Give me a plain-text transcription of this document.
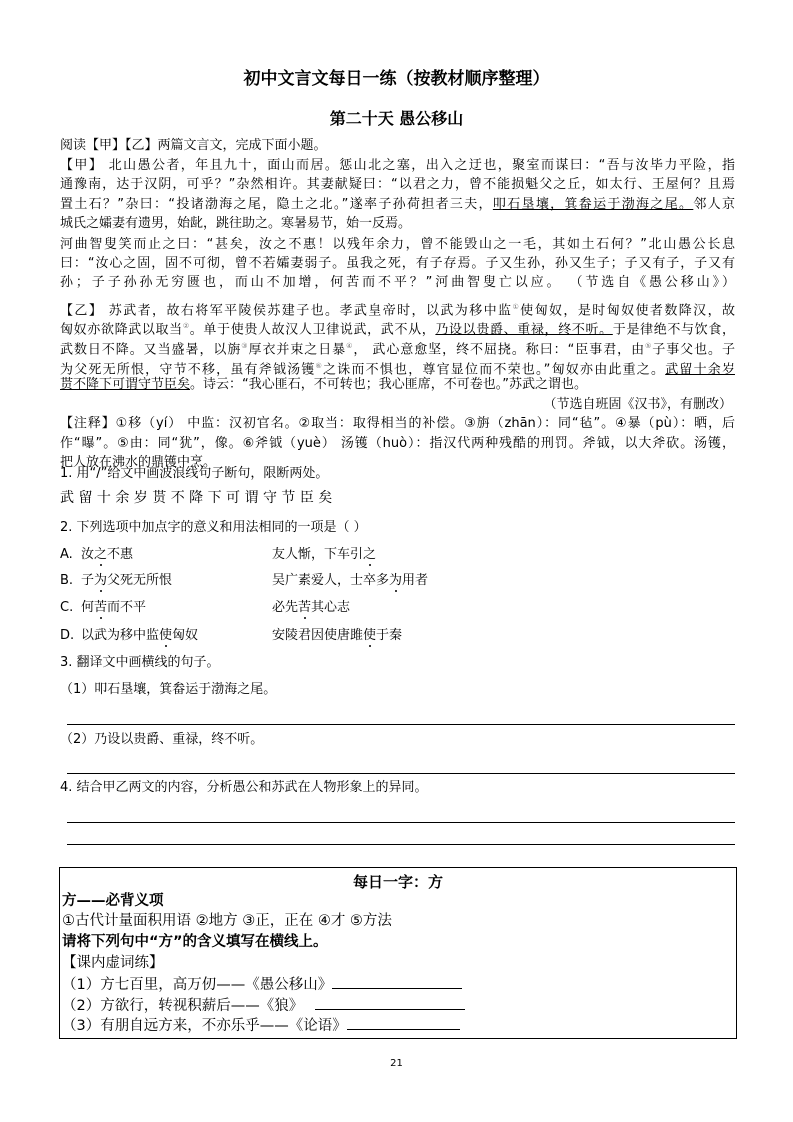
初中文言文每日一练（按教材顺序整理）
第二十天 愚公移山
阅读【甲】【乙】两篇文言文，完成下面小题。
【甲】 北山愚公者，年且九十，面山而居。惩山北之塞，出入之迂也，聚室而谋曰：“吾与汝毕力平险，指
通豫南，达于汉阴，可乎？”杂然相许。其妻献疑曰：“以君之力，曾不能损魁父之丘，如太行、王屋何？且焉
置土石？”杂曰：“投诸渤海之尾，隐土之北。”遂率子孙荷担者三夫，叩石垦壤，箕畚运于渤海之尾。邻人京
城氏之孀妻有遗男，始龀，跳往助之。寒暑易节，始一反焉。
河曲智叟笑而止之曰：“甚矣，汝之不惠！以残年余力，曾不能毁山之一毛，其如土石何？”北山愚公长息
曰：“汝心之固，固不可彻，曾不若孀妻弱子。虽我之死，有子存焉。子又生孙，孙又生子；子又有子，子又有
孙；子子孙孙无穷匮也，而山不加增，何苦而不平？”河曲智叟亡以应。 （节选自《愚公移山》）
【乙】 苏武者，故右将军平陵侯苏建子也。孝武皇帝时，以武为移中监①使匈奴，是时匈奴使者数降汉，故
匈奴亦欲降武以取当②。单于使贵人故汉人卫律说武，武不从，乃设以贵爵、重禄，终不听。于是律绝不与饮食，
武数日不降。又当盛暑，以旃③厚衣并束之日暴④， 武心意愈坚，终不屈挠。称曰：“臣事君，由⑤子事父也。子
为父死无所恨，守节不移，虽有斧钺汤镬⑥之诛而不惧也，尊官显位而不荣也。”匈奴亦由此重之。武留十余岁
贳不降下可谓守节臣矣。诗云：“我心匪石，不可转也；我心匪席，不可卷也。”苏武之谓也。
（节选自班固《汉书》，有删改）
【注释】①移（yí） 中监：汉初官名。②取当：取得相当的补偿。③旃（zhān）：同“毡”。④暴（pù）：晒，后
作“曝”。⑤由：同“犹”，像。⑥斧钺（yuè） 汤镬（huò）：指汉代两种残酷的刑罚。斧钺，以大斧砍。汤镬，
把人放在沸水的鼎镬中烹。
1. 用“/”给文中画波浪线句子断句，限断两处。
武 留 十 余 岁 贳 不 降 下 可 谓 守 节 臣 矣
2. 下列选项中加点字的意义和用法相同的一项是（ ）
A. 汝之不惠	友人惭，下车引之
B. 子为父死无所恨	吴广素爱人，士卒多为用者
C. 何苦而不平	必先苦其心志
D. 以武为移中监使匈奴	安陵君因使唐雎使于秦
3. 翻译文中画横线的句子。
（1）叩石垦壤，箕畚运于渤海之尾。
（2）乃设以贵爵、重禄，终不听。
4. 结合甲乙两文的内容，分析愚公和苏武在人物形象上的异同。
每日一字：方
方——必背义项
①古代计量面积用语 ②地方 ③正，正在 ④才 ⑤方法
请将下列句中“方”的含义填写在横线上。
【课内虚词练】
（1）方七百里，高万仞——《愚公移山》
（2）方欲行，转视积薪后——《狼》
（3）有朋自远方来，不亦乐乎——《论语》
21
